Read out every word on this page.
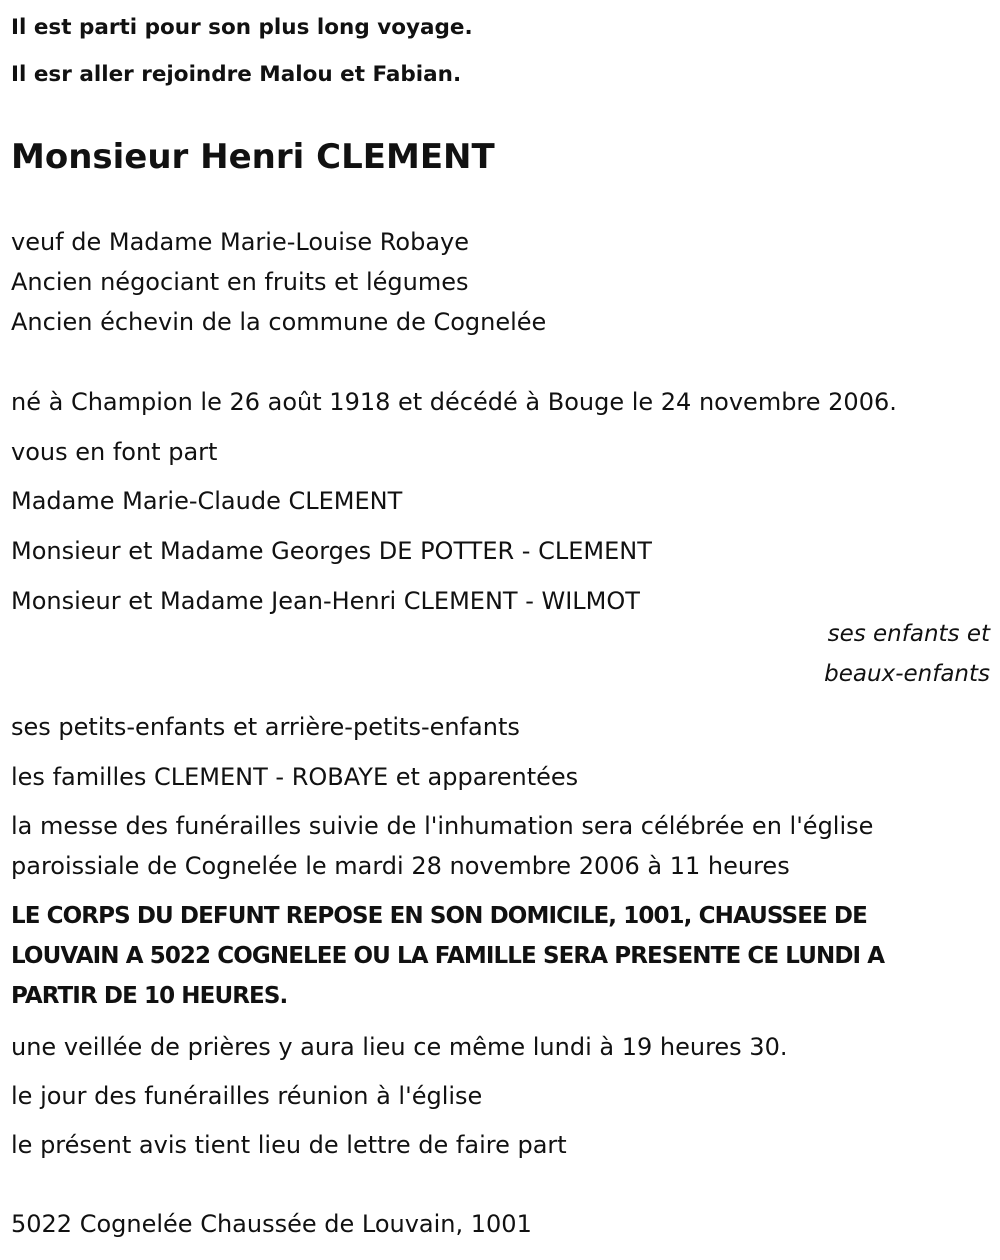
Il est parti pour son plus long voyage.
Il esr aller rejoindre Malou et Fabian.
Monsieur Henri CLEMENT
veuf de Madame Marie-Louise Robaye
Ancien négociant en fruits et légumes
Ancien échevin de la commune de Cognelée
né à Champion le 26 août 1918 et décédé à Bouge le 24 novembre 2006.
vous en font part
Madame Marie-Claude CLEMENT
Monsieur et Madame Georges DE POTTER - CLEMENT
Monsieur et Madame Jean-Henri CLEMENT - WILMOT
ses enfants et
beaux-enfants
ses petits-enfants et arrière-petits-enfants
les familles CLEMENT - ROBAYE et apparentées
la messe des funérailles suivie de l'inhumation sera célébrée en l'église
paroissiale de Cognelée le mardi 28 novembre 2006 à 11 heures
LE CORPS DU DEFUNT REPOSE EN SON DOMICILE, 1001, CHAUSSEE DE
LOUVAIN A 5022 COGNELEE OU LA FAMILLE SERA PRESENTE CE LUNDI A
PARTIR DE 10 HEURES.
une veillée de prières y aura lieu ce même lundi à 19 heures 30.
le jour des funérailles réunion à l'église
le présent avis tient lieu de lettre de faire part
5022 Cognelée Chaussée de Louvain, 1001
